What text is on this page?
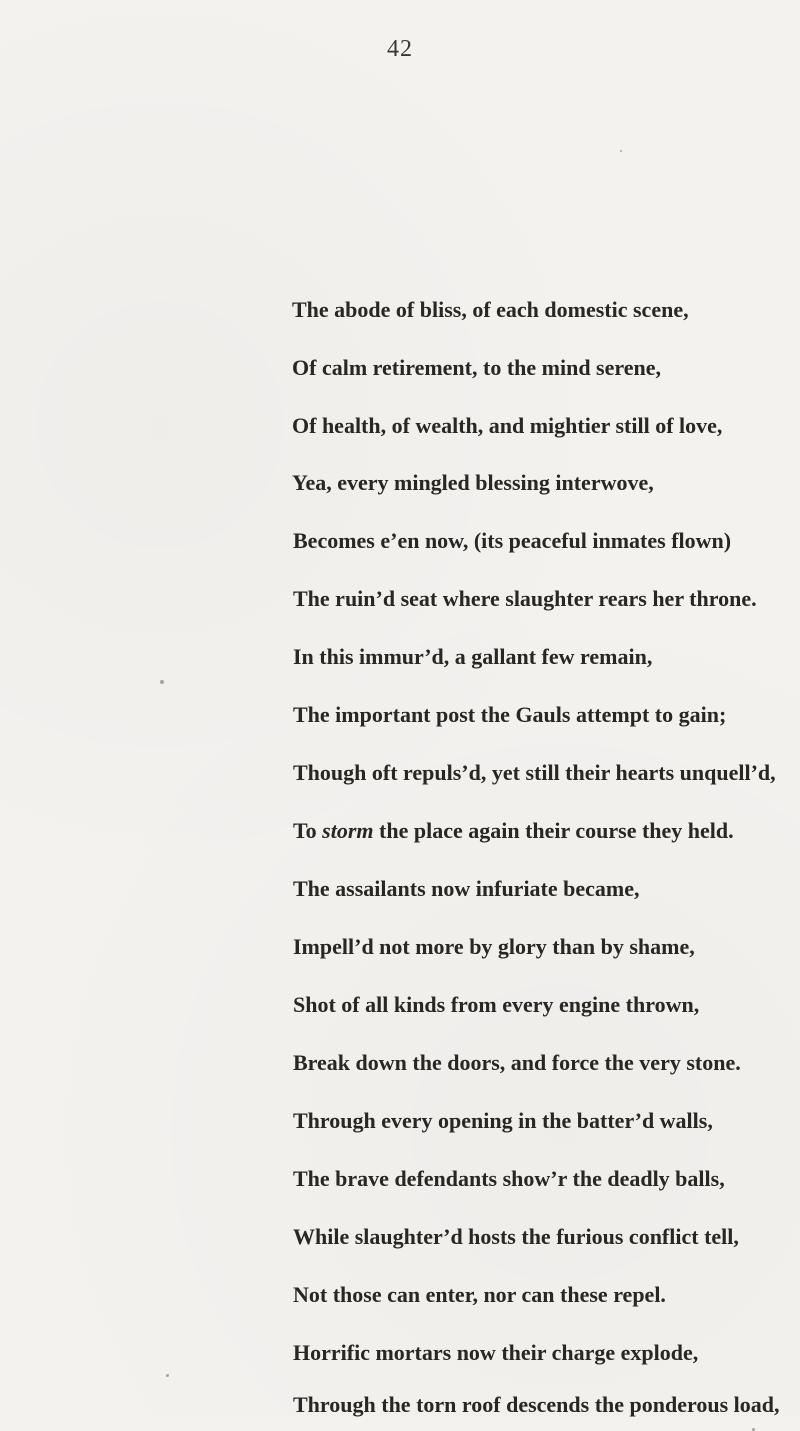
42
The abode of bliss, of each domestic scene,
Of calm retirement, to the mind serene,
Of health, of wealth, and mightier still of love,
Yea, every mingled blessing interwove,
Becomes e’en now, (its peaceful inmates flown)
The ruin’d seat where slaughter rears her throne.
In this immur’d, a gallant few remain,
The important post the Gauls attempt to gain;
Though oft repuls’d, yet still their hearts unquell’d,
To storm the place again their course they held.
The assailants now infuriate became,
Impell’d not more by glory than by shame,
Shot of all kinds from every engine thrown,
Break down the doors, and force the very stone.
Through every opening in the batter’d walls,
The brave defendants show’r the deadly balls,
While slaughter’d hosts the furious conflict tell,
Not those can enter, nor can these repel.
Horrific mortars now their charge explode,
Through the torn roof descends the ponderous load,
